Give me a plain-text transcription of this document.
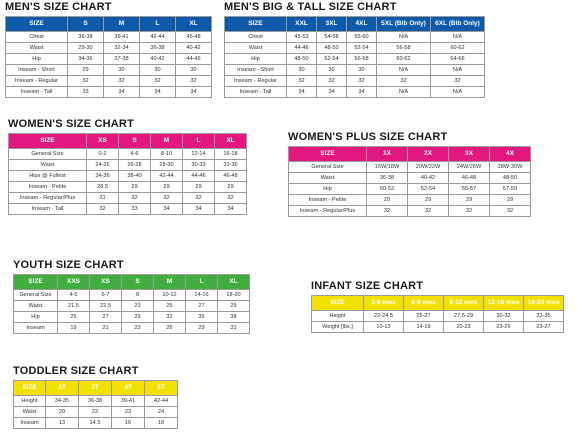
MEN'S SIZE CHART
SIZE	S	M	L	XL
Chest	36-38	39-41	42-44	45-48
Waist	29-30	32-34	36-38	40-42
Hip	34-36	37-38	40-42	44-46
Inseam - Short	29	30	30	30
Inseam - Regular	32	32	32	32
Inseam - Tall	33	34	34	34
MEN'S BIG & TALL SIZE CHART
SIZE	XXL	3XL	4XL	5XL (Bib Only)	6XL (Bib Only)
Chest	49-53	54-58	55-60	N/A	N/A
Waist	44-46	48-50	52-54	56-58	60-62
Hip	48-50	52-54	56-58	60-62	64-66
Inseam - Short	30	30	30	N/A	N/A
Inseam - Regular	32	32	32	32	32
Inseam - Tall	34	34	34	N/A	N/A
WOMEN'S SIZE CHART
SIZE	XS	S	M	L	XL
General Size	0-2	4-6	8-10	12-14	16-18
Waist	24-26	26-28	28-30	30-33	33-36
Hips @ Fullest	34-36	38-40	42-44	44-46	46-48
Inseam - Petite	28.5	29	29	29	29
Inseam - Regular/Plus	31	32	32	32	32
Inseam - Tall	32	33	34	34	34
WOMEN'S PLUS SIZE CHART
SIZE	1X	2X	3X	4X
General Size	16W/18W	20W/22W	24W/26W	28W-30W
Waist	36-38	40-42	46-48	48-50
Hip	50-52	52-54	55-57	57-59
Inseam - Petite	29	29	29	29
Inseam - Regular/Plus	32	32	32	32
YOUTH SIZE CHART
SIZE	XXS	XS	S	M	L	XL
General Size	4-5	6-7	8	10-12	14-16	18-20
Waist	21.5	22.5	23	25	27	29
Hip	25	27	29	32	35	38
Inseam	19	21	23	26	29	31
INFANT SIZE CHART
SIZE	3-6 mos	6-9 mos	9-12 mos	12-18 mos	18-24 mos
Height	22-24.5	25-27	27.5-29	30-32	33-35
Weight [lbs.]	10-13	14-19	20-23	23-26	23-27
TODDLER SIZE CHART
SIZE	2T	3T	4T	5T
Height	34-35	36-38	39-41	42-44
Waist	20	22	23	24
Inseam	13	14.5	16	18
